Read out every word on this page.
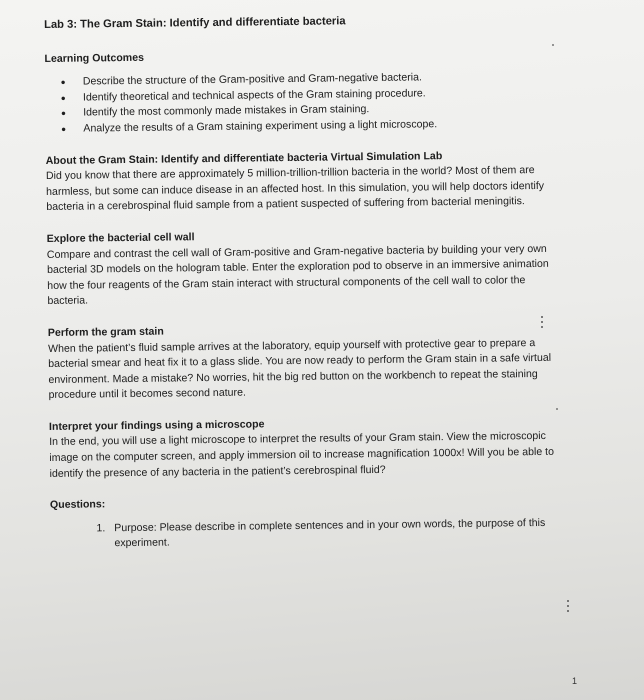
Lab 3: The Gram Stain: Identify and differentiate bacteria
Learning Outcomes
• Describe the structure of the Gram-positive and Gram-negative bacteria.
• Identify theoretical and technical aspects of the Gram staining procedure.
• Identify the most commonly made mistakes in Gram staining.
• Analyze the results of a Gram staining experiment using a light microscope.

About the Gram Stain: Identify and differentiate bacteria Virtual Simulation Lab

Did you know that there are approximately 5 million-trillion-trillion bacteria in the world? Most of them are harmless, but some can induce disease in an affected host. In this simulation, you will help doctors identify bacteria in a cerebrospinal fluid sample from a patient suspected of suffering from bacterial meningitis.

Explore the bacterial cell wall

Compare and contrast the cell wall of Gram-positive and Gram-negative bacteria by building your very own bacterial 3D models on the hologram table. Enter the exploration pod to observe in an immersive animation how the four reagents of the Gram stain interact with structural components of the cell wall to color the bacteria.

Perform the gram stain

When the patient’s fluid sample arrives at the laboratory, equip yourself with protective gear to prepare a bacterial smear and heat fix it to a glass slide. You are now ready to perform the Gram stain in a safe virtual environment. Made a mistake? No worries, hit the big red button on the workbench to repeat the staining procedure until it becomes second nature.

Interpret your findings using a microscope

In the end, you will use a light microscope to interpret the results of your Gram stain. View the microscopic image on the computer screen, and apply immersion oil to increase magnification 1000x! Will you be able to identify the presence of any bacteria in the patient’s cerebrospinal fluid?

Questions:
1. Purpose: Please describe in complete sentences and in your own words, the purpose of this experiment.
1
